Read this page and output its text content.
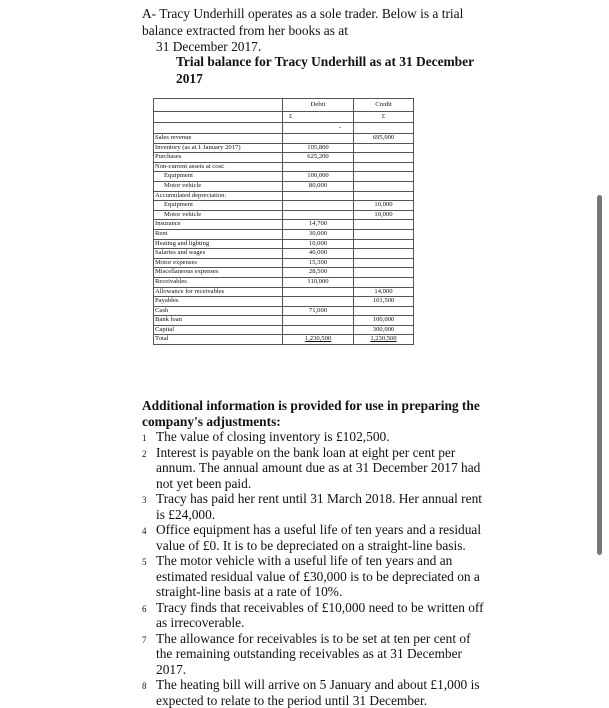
A- Tracy Underhill operates as a sole trader. Below is a trial
balance extracted from her books as at
31 December 2017.
Trial balance for Tracy Underhill as at 31 December
2017
	Debit	Credit
	£	£
	-	
Sales revenue		695,000
Inventory (as at 1 January 2017)	105,800	
Purchases	625,200	
Non-current assets at cost:		
Equipment	100,000	
Motor vehicle	80,000	
Accumulated depreciation:		
Equipment		10,000
Motor vehicle		10,000
Insurance	14,700	
Rent	30,000	
Heating and lighting	10,000	
Salaries and wages	40,000	
Motor expenses	15,300	
Miscellaneous expenses	28,500	
Receivables	110,000	
Allowance for receivables		14,000
Payables		101,500
Cash	71,000	
Bank loan		100,000
Capital		300,000
Total	1,230,500	1,230,500
Additional information is provided for use in preparing the
company's adjustments:
1 The value of closing inventory is £102,500.
2 Interest is payable on the bank loan at eight per cent per annum. The annual amount due as at 31 December 2017 had not yet been paid.
3 Tracy has paid her rent until 31 March 2018. Her annual rent is £24,000.
4 Office equipment has a useful life of ten years and a residual value of £0. It is to be depreciated on a straight-line basis.
5 The motor vehicle with a useful life of ten years and an estimated residual value of £30,000 is to be depreciated on a straight-line basis at a rate of 10%.
6 Tracy finds that receivables of £10,000 need to be written off as irrecoverable.
7 The allowance for receivables is to be set at ten per cent of the remaining outstanding receivables as at 31 December 2017.
8 The heating bill will arrive on 5 January and about £1,000 is expected to relate to the period until 31 December.
